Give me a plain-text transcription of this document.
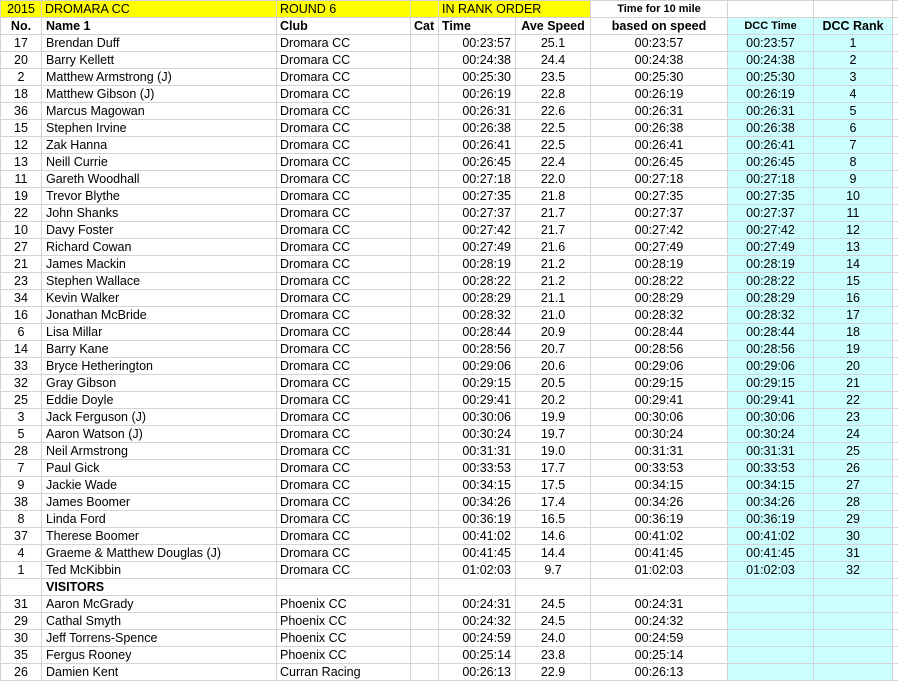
2015	DROMARA CC	ROUND 6		IN RANK ORDER		Time for 10 mile			
No.	Name 1	Club	Cat	Time	Ave Speed	based on speed	DCC Time	DCC Rank	
17	Brendan Duff	Dromara CC		00:23:57	25.1	00:23:57	00:23:57	1	
20	Barry Kellett	Dromara CC		00:24:38	24.4	00:24:38	00:24:38	2	
2	Matthew Armstrong (J)	Dromara CC		00:25:30	23.5	00:25:30	00:25:30	3	
18	Matthew Gibson (J)	Dromara CC		00:26:19	22.8	00:26:19	00:26:19	4	
36	Marcus Magowan	Dromara CC		00:26:31	22.6	00:26:31	00:26:31	5	
15	Stephen Irvine	Dromara CC		00:26:38	22.5	00:26:38	00:26:38	6	
12	Zak Hanna	Dromara CC		00:26:41	22.5	00:26:41	00:26:41	7	
13	Neill Currie	Dromara CC		00:26:45	22.4	00:26:45	00:26:45	8	
11	Gareth Woodhall	Dromara CC		00:27:18	22.0	00:27:18	00:27:18	9	
19	Trevor Blythe	Dromara CC		00:27:35	21.8	00:27:35	00:27:35	10	
22	John Shanks	Dromara CC		00:27:37	21.7	00:27:37	00:27:37	11	
10	Davy Foster	Dromara CC		00:27:42	21.7	00:27:42	00:27:42	12	
27	Richard Cowan	Dromara CC		00:27:49	21.6	00:27:49	00:27:49	13	
21	James Mackin	Dromara CC		00:28:19	21.2	00:28:19	00:28:19	14	
23	Stephen Wallace	Dromara CC		00:28:22	21.2	00:28:22	00:28:22	15	
34	Kevin Walker	Dromara CC		00:28:29	21.1	00:28:29	00:28:29	16	
16	Jonathan McBride	Dromara CC		00:28:32	21.0	00:28:32	00:28:32	17	
6	Lisa Millar	Dromara CC		00:28:44	20.9	00:28:44	00:28:44	18	
14	Barry Kane	Dromara CC		00:28:56	20.7	00:28:56	00:28:56	19	
33	Bryce Hetherington	Dromara CC		00:29:06	20.6	00:29:06	00:29:06	20	
32	Gray Gibson	Dromara CC		00:29:15	20.5	00:29:15	00:29:15	21	
25	Eddie Doyle	Dromara CC		00:29:41	20.2	00:29:41	00:29:41	22	
3	Jack Ferguson (J)	Dromara CC		00:30:06	19.9	00:30:06	00:30:06	23	
5	Aaron Watson (J)	Dromara CC		00:30:24	19.7	00:30:24	00:30:24	24	
28	Neil Armstrong	Dromara CC		00:31:31	19.0	00:31:31	00:31:31	25	
7	Paul Gick	Dromara CC		00:33:53	17.7	00:33:53	00:33:53	26	
9	Jackie Wade	Dromara CC		00:34:15	17.5	00:34:15	00:34:15	27	
38	James Boomer	Dromara CC		00:34:26	17.4	00:34:26	00:34:26	28	
8	Linda Ford	Dromara CC		00:36:19	16.5	00:36:19	00:36:19	29	
37	Therese Boomer	Dromara CC		00:41:02	14.6	00:41:02	00:41:02	30	
4	Graeme & Matthew Douglas (J)	Dromara CC		00:41:45	14.4	00:41:45	00:41:45	31	
1	Ted McKibbin	Dromara CC		01:02:03	9.7	01:02:03	01:02:03	32	
	VISITORS								
31	Aaron McGrady	Phoenix CC		00:24:31	24.5	00:24:31			
29	Cathal Smyth	Phoenix CC		00:24:32	24.5	00:24:32			
30	Jeff Torrens-Spence	Phoenix CC		00:24:59	24.0	00:24:59			
35	Fergus Rooney	Phoenix CC		00:25:14	23.8	00:25:14			
26	Damien Kent	Curran Racing		00:26:13	22.9	00:26:13			
